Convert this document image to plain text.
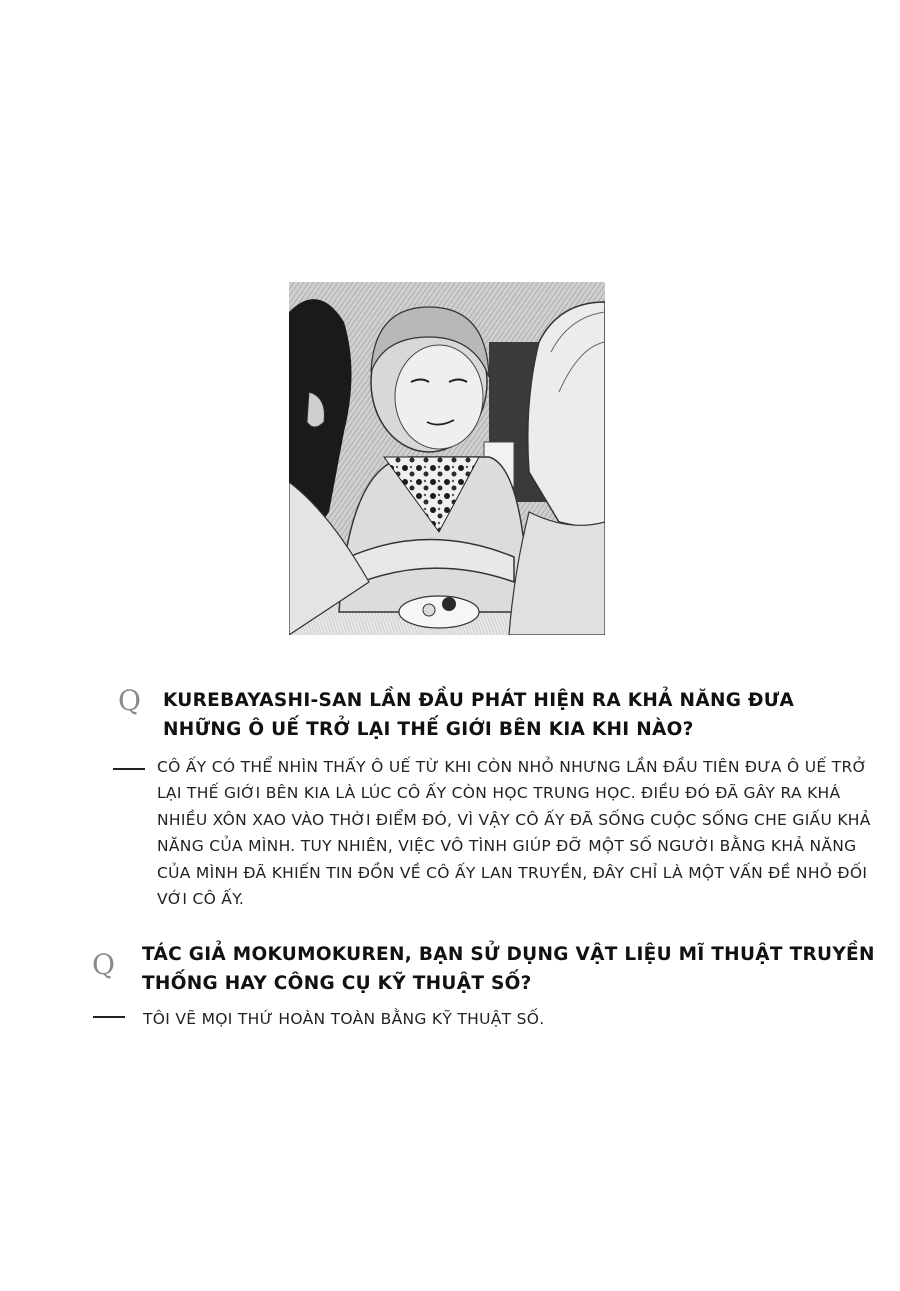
Q KUREBAYASHI-SAN LẦN ĐẦU PHÁT HIỆN RA KHẢ NĂNG ĐƯA NHỮNG Ô UẾ TRỞ LẠI THẾ GIỚI BÊN KIA KHI NÀO?

CÔ ẤY CÓ THỂ NHÌN THẤY Ô UẾ TỪ KHI CÒN NHỎ NHƯNG LẦN ĐẦU TIÊN ĐƯA Ô UẾ TRỞ LẠI THẾ GIỚI BÊN KIA LÀ LÚC CÔ ẤY CÒN HỌC TRUNG HỌC. ĐIỀU ĐÓ ĐÃ GÂY RA KHÁ NHIỀU XÔN XAO VÀO THỜI ĐIỂM ĐÓ, VÌ VẬY CÔ ẤY ĐÃ SỐNG CUỘC SỐNG CHE GIẤU KHẢ NĂNG CỦA MÌNH. TUY NHIÊN, VIỆC VÔ TÌNH GIÚP ĐỠ MỘT SỐ NGƯỜI BẰNG KHẢ NĂNG CỦA MÌNH ĐÃ KHIẾN TIN ĐỒN VỀ CÔ ẤY LAN TRUYỀN, ĐÂY CHỈ LÀ MỘT VẤN ĐỀ NHỎ ĐỐI VỚI CÔ ẤY.

Q TÁC GIẢ MOKUMOKUREN, BẠN SỬ DỤNG VẬT LIỆU MĨ THUẬT TRUYỀN THỐNG HAY CÔNG CỤ KỸ THUẬT SỐ?

TÔI VẼ MỌI THỨ HOÀN TOÀN BẰNG KỸ THUẬT SỐ.
